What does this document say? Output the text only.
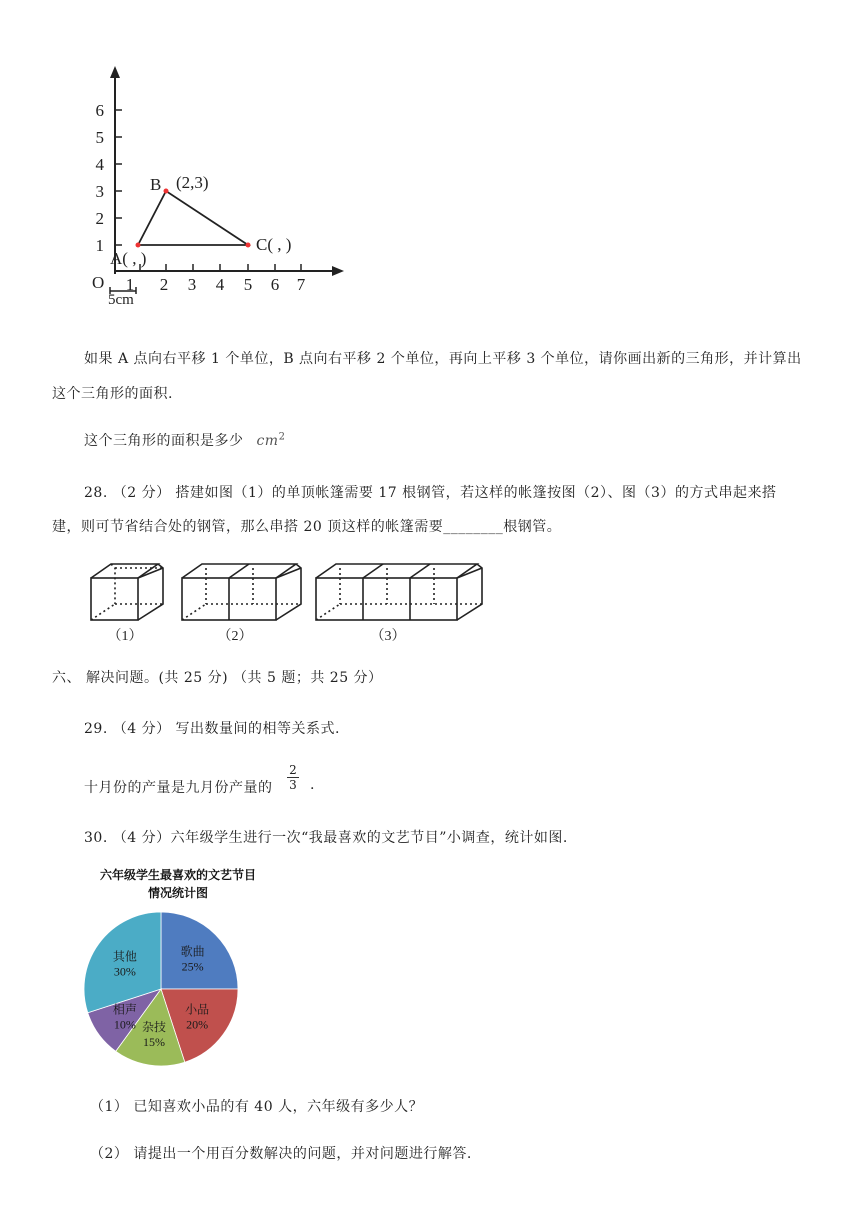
1
2
3
4
5
6
1 2 3 4 5 6 7
O
5cm
A( , )
B (2,3)
C( , )
如果 A 点向右平移 1 个单位，B 点向右平移 2 个单位，再向上平移 3 个单位，请你画出新的三角形，并计算出
这个三角形的面积.
这个三角形的面积是多少 $cm^2$
28. （2 分） 搭建如图（1）的单顶帐篷需要 17 根钢管，若这样的帐篷按图（2）、图（3）的方式串起来搭
建，则可节省结合处的钢管，那么串搭 20 顶这样的帐篷需要________根钢管。
（1）	（2）	（3）
六、 解决问题。(共 25 分) （共 5 题；共 25 分）
29. （4 分） 写出数量间的相等关系式.
十月份的产量是九月份产量的
2
3 .
30. （4 分）六年级学生进行一次“我最喜欢的文艺节目”小调查，统计如图.
六年级学生最喜欢的文艺节目
情况统计图
歌曲
25%
小品
20%
杂技
15%
相声
10%
其他
30%
（1） 已知喜欢小品的有 40 人，六年级有多少人？
（2） 请提出一个用百分数解决的问题，并对问题进行解答.
